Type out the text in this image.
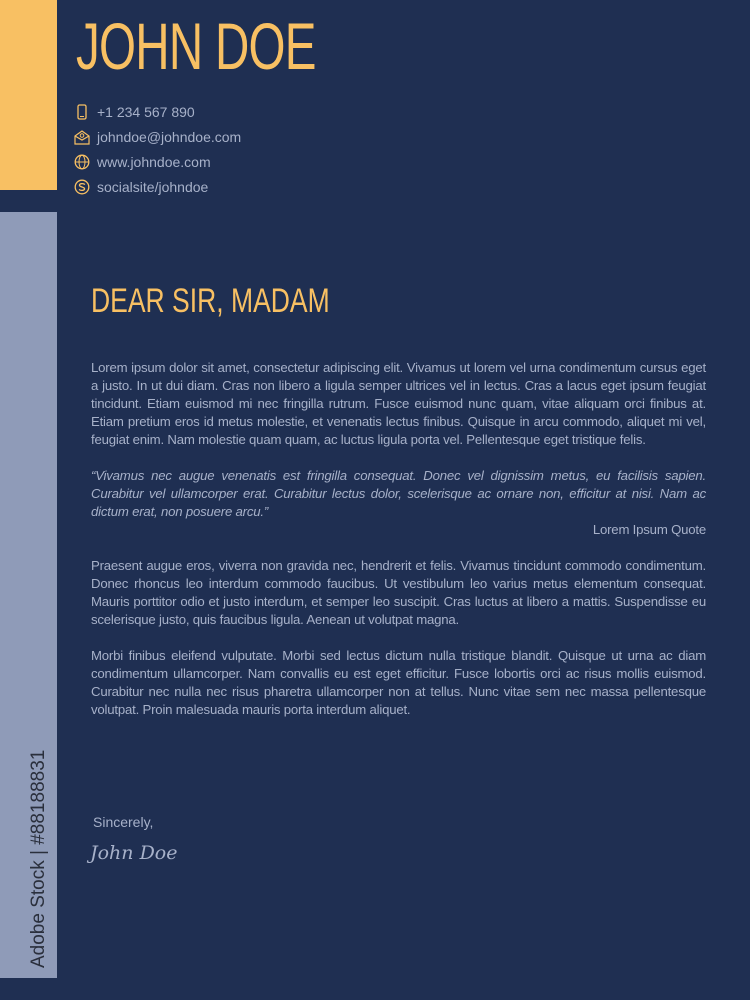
Adobe Stock | #88188831
JOHN DOE
+1 234 567 890
johndoe@johndoe.com
www.johndoe.com
socialsite/johndoe
DEAR SIR, MADAM

Lorem ipsum dolor sit amet, consectetur adipiscing elit. Vivamus ut lorem vel urna condimentum cursus eget a justo. In ut dui diam. Cras non libero a ligula semper ultrices vel in lectus. Cras a lacus eget ipsum feugiat tincidunt. Etiam euismod mi nec fringilla rutrum. Fusce euismod nunc quam, vitae aliquam orci finibus at. Etiam pretium eros id metus molestie, et venenatis lectus finibus. Quisque in arcu commodo, aliquet mi vel, feugiat enim. Nam molestie quam quam, ac luctus ligula porta vel. Pellentesque eget tristique felis.

“Vivamus nec augue venenatis est fringilla consequat. Donec vel dignissim metus, eu facilisis sapien. Curabitur vel ullamcorper erat. Curabitur lectus dolor, scelerisque ac ornare non, efficitur at nisi. Nam ac dictum erat, non posuere arcu.”

Lorem Ipsum Quote

Praesent augue eros, viverra non gravida nec, hendrerit et felis. Vivamus tincidunt commodo condimentum. Donec rhoncus leo interdum commodo faucibus. Ut vestibulum leo varius metus elementum consequat. Mauris porttitor odio et justo interdum, et semper leo suscipit. Cras luctus at libero a mattis. Suspendisse eu scelerisque justo, quis faucibus ligula. Aenean ut volutpat magna.

Morbi finibus eleifend vulputate. Morbi sed lectus dictum nulla tristique blandit. Quisque ut urna ac diam condimentum ullamcorper. Nam convallis eu est eget efficitur. Fusce lobortis orci ac risus mollis euismod. Curabitur nec nulla nec risus pharetra ullamcorper non at tellus. Nunc vitae sem nec massa pellentesque volutpat. Proin malesuada mauris porta interdum aliquet.

Sincerely,
John Doe
